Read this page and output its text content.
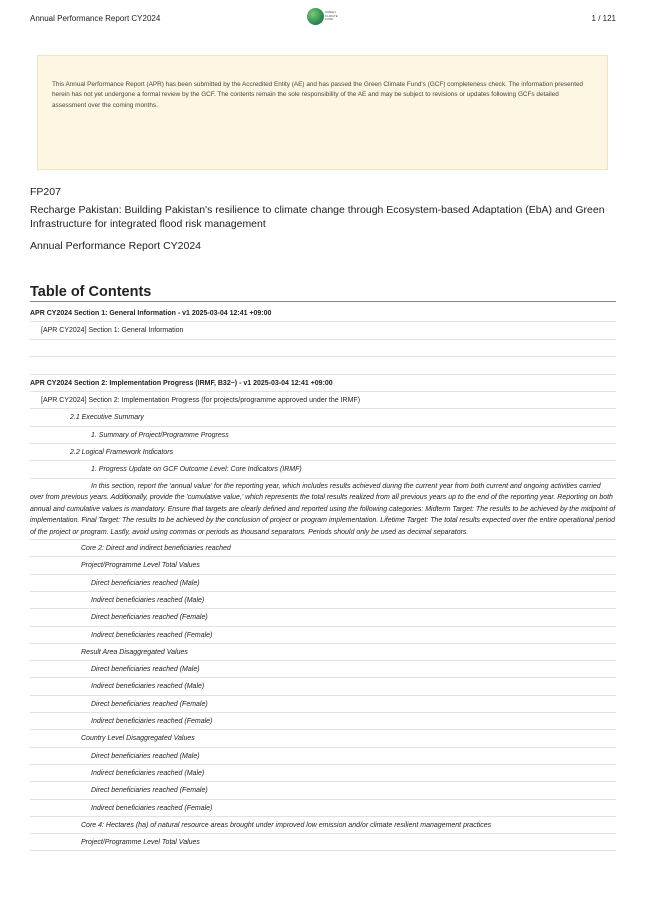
Annual Performance Report CY2024
GREEN CLIMATE FUND	1 / 121
This Annual Performance Report (APR) has been submitted by the Accredited Entity (AE) and has passed the Green Climate Fund's (GCF) completeness check. The information presented herein has not yet undergone a formal review by the GCF. The contents remain the sole responsibility of the AE and may be subject to revisions or updates following GCFs detailed assessment over the coming months.
FP207
Recharge Pakistan: Building Pakistan's resilience to climate change through Ecosystem-based Adaptation (EbA) and Green Infrastructure for integrated flood risk management
Annual Performance Report CY2024
Table of Contents
APR CY2024 Section 1: General Information - v1 2025-03-04 12:41 +09:00
[APR CY2024] Section 1: General Information
APR CY2024 Section 2: Implementation Progress (IRMF, B32~) - v1 2025-03-04 12:41 +09:00
[APR CY2024] Section 2: Implementation Progress (for projects/programme approved under the IRMF)
2.1 Executive Summary
1. Summary of Project/Programme Progress
2.2 Logical Framework Indicators
1. Progress Update on GCF Outcome Level: Core Indicators (IRMF)
In this section, report the 'annual value' for the reporting year, which includes results achieved during the current year from both current and ongoing activities carried over from previous years. Additionally, provide the 'cumulative value,' which represents the total results realized from all previous years up to the end of the reporting year. Reporting on both annual and cumulative values is mandatory. Ensure that targets are clearly defined and reported using the following categories: Midterm Target: The results to be achieved by the midpoint of implementation. Final Target: The results to be achieved by the conclusion of project or program implementation. Lifetime Target: The total results expected over the entire operational period of the project or program. Lastly, avoid using commas or periods as thousand separators. Periods should only be used as decimal separators.
Core 2: Direct and indirect beneficiaries reached
Project/Programme Level Total Values
Direct beneficiaries reached (Male)
Indirect beneficiaries reached (Male)
Direct beneficiaries reached (Female)
Indirect beneficiaries reached (Female)
Result Area Disaggregated Values
Direct beneficiaries reached (Male)
Indirect beneficiaries reached (Male)
Direct beneficiaries reached (Female)
Indirect beneficiaries reached (Female)
Country Level Disaggregated Values
Direct beneficiaries reached (Male)
Indirect beneficiaries reached (Male)
Direct beneficiaries reached (Female)
Indirect beneficiaries reached (Female)
Core 4: Hectares (ha) of natural resource areas brought under improved low emission and/or climate resilient management practices
Project/Programme Level Total Values
